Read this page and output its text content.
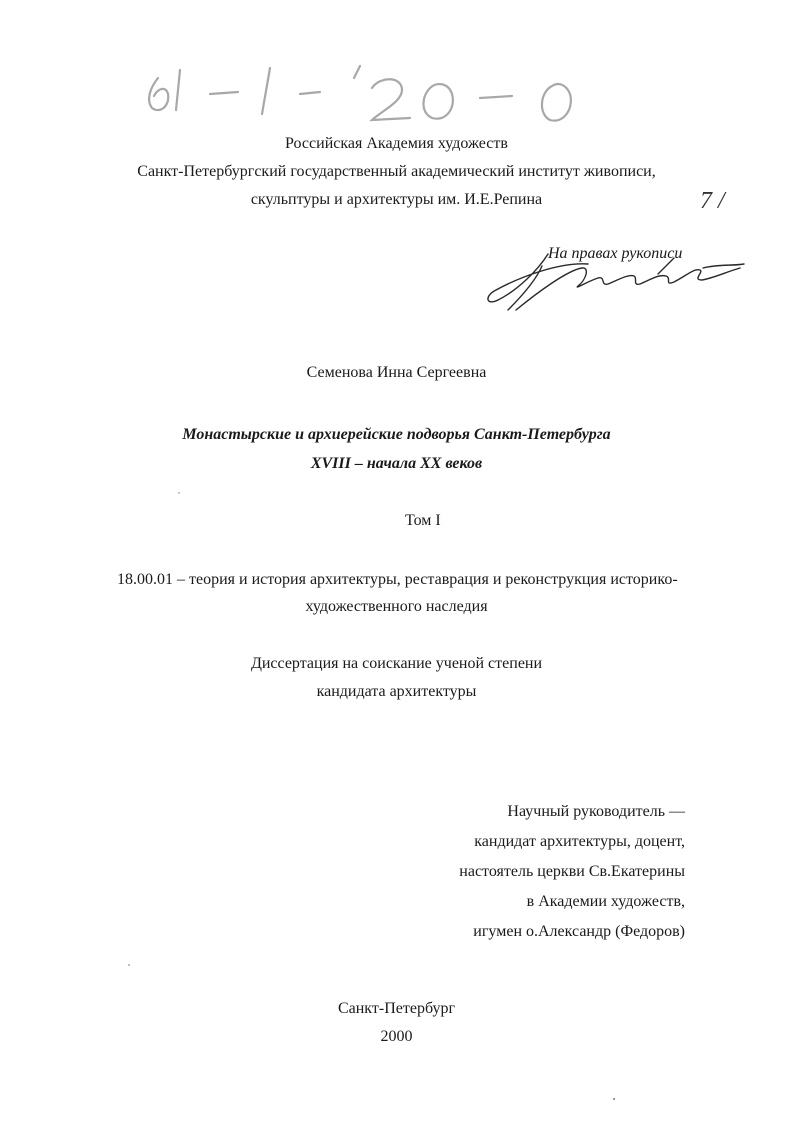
61-1-20-0
Российская Академия художеств
Санкт-Петербургский государственный академический институт живописи,
скульптуры и архитектуры им. И.Е.Репина	7 /
На правах рукописи
Семенова Инна Сергеевна
Монастырские и архиерейские подворья Санкт-Петербурга
XVIII – начала XX веков
Том I
18.00.01 – теория и история архитектуры, реставрация и реконструкция историко-
художественного наследия
Диссертация на соискание ученой степени
кандидата архитектуры
Научный руководитель —
кандидат архитектуры, доцент,
настоятель церкви Св.Екатерины
в Академии художеств,
игумен о.Александр (Федоров)
Санкт-Петербург
2000
